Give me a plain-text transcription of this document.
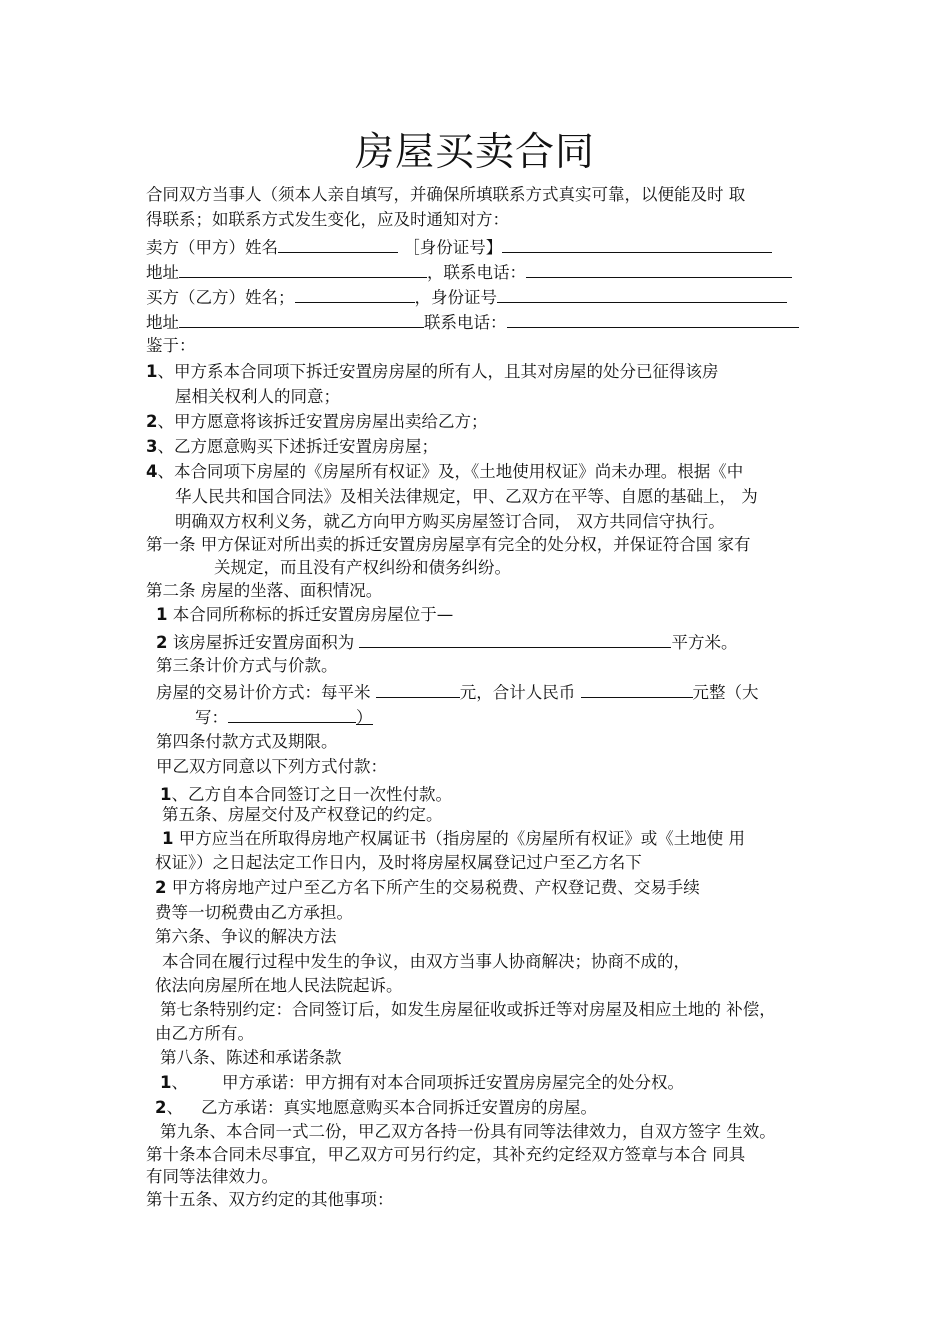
房屋买卖合同
合同双方当事人（须本人亲自填写，并确保所填联系方式真实可靠，以便能及时 取
得联系；如联系方式发生变化，应及时通知对方：
卖方（甲方）姓名	［身份证号】
地址	，联系电话：
买方（乙方）姓名；	，身份证号
地址	联系电话：
鉴于：
1、甲方系本合同项下拆迁安置房房屋的所有人，且其对房屋的处分已征得该房
屋相关权利人的同意；
2、甲方愿意将该拆迁安置房房屋出卖给乙方；
3、乙方愿意购买下述拆迁安置房房屋；
4、本合同项下房屋的《房屋所有权证》及，《土地使用权证》尚未办理。根据《中
华人民共和国合同法》及相关法律规定，甲、乙双方在平等、自愿的基础上， 为
明确双方权利义务，就乙方向甲方购买房屋签订合同， 双方共同信守执行。
第一条 甲方保证对所出卖的拆迁安置房房屋享有完全的处分权，并保证符合国 家有
关规定，而且没有产权纠纷和债务纠纷。
第二条 房屋的坐落、面积情况。
1 本合同所称标的拆迁安置房房屋位于—
2 该房屋拆迁安置房面积为	平方米。
第三条计价方式与价款。
房屋的交易计价方式：每平米	元，合计人民币	元整（大
写：	）
第四条付款方式及期限。
甲乙双方同意以下列方式付款：
1、乙方自本合同签订之日一次性付款。
第五条、房屋交付及产权登记的约定。
1 甲方应当在所取得房地产权属证书（指房屋的《房屋所有权证》或《土地使 用
权证》）之日起法定工作日内，及时将房屋权属登记过户至乙方名下
2 甲方将房地产过户至乙方名下所产生的交易税费、产权登记费、交易手续
费等一切税费由乙方承担。
第六条、争议的解决方法
本合同在履行过程中发生的争议，由双方当事人协商解决；协商不成的，
依法向房屋所在地人民法院起诉。
第七条特别约定：合同签订后，如发生房屋征收或拆迁等对房屋及相应土地的 补偿，
由乙方所有。
第八条、陈述和承诺条款
1、 甲方承诺：甲方拥有对本合同项拆迁安置房房屋完全的处分权。
2、 乙方承诺：真实地愿意购买本合同拆迁安置房的房屋。
第九条、本合同一式二份，甲乙双方各持一份具有同等法律效力，自双方签字 生效。
第十条本合同未尽事宜，甲乙双方可另行约定，其补充约定经双方签章与本合 同具
有同等法律效力。
第十五条、双方约定的其他事项：
